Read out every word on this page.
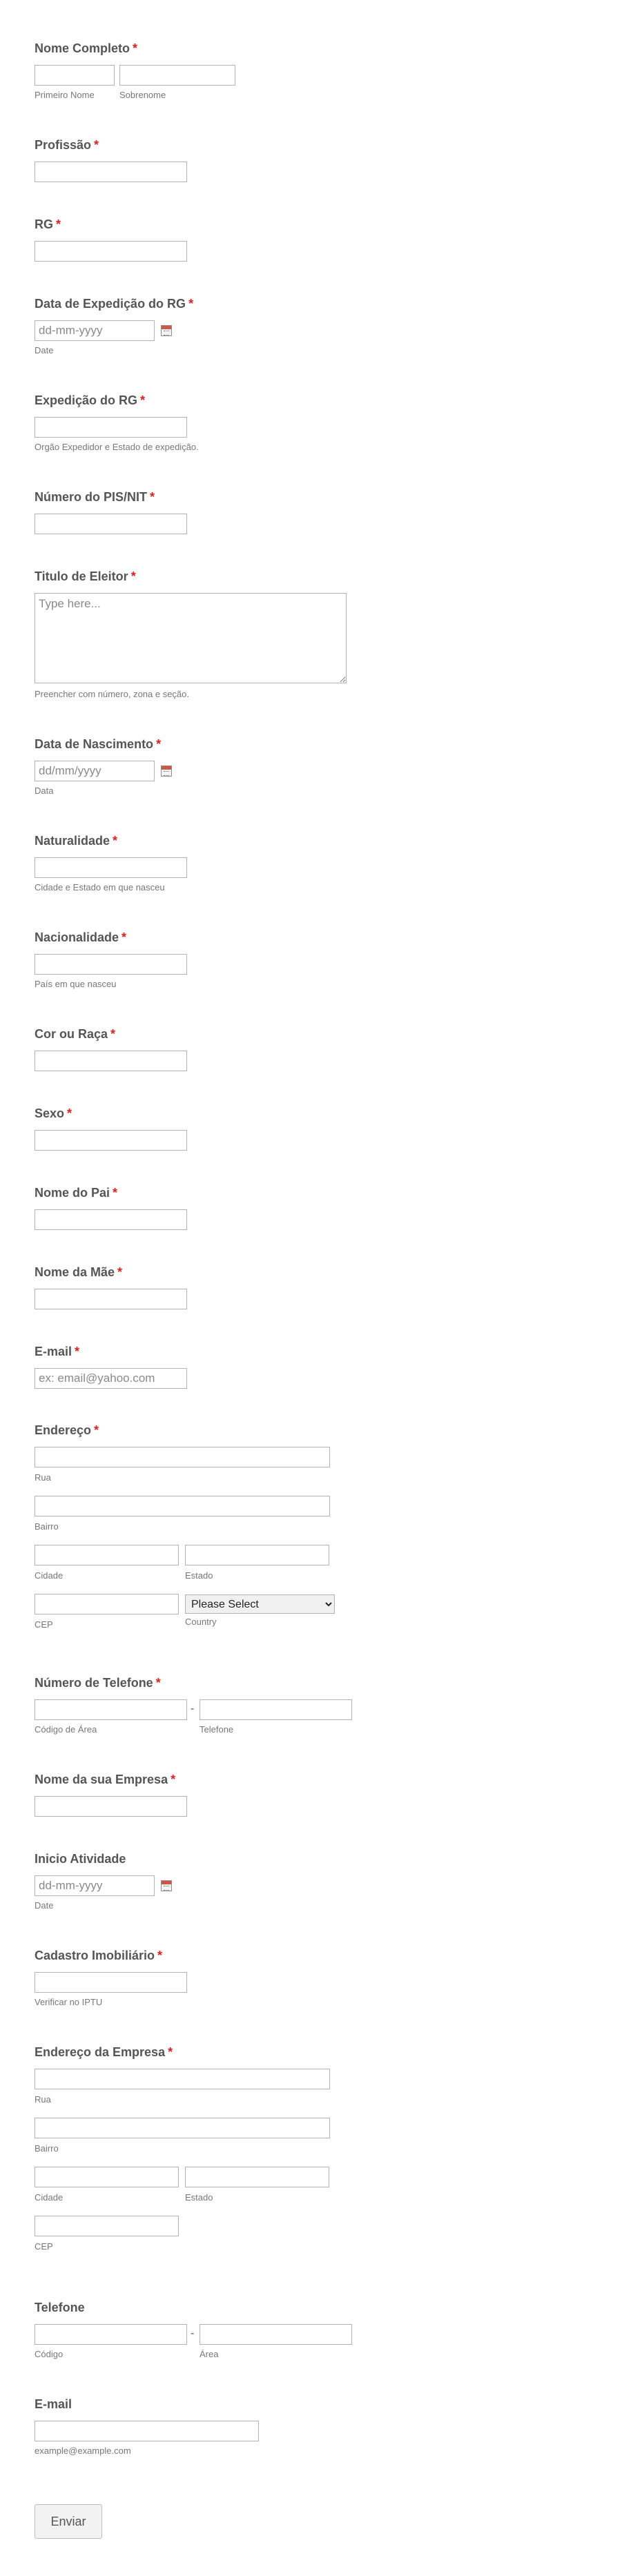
Nome Completo *
Primeiro Nome	Sobrenome
Profissão *
RG *
Data de Expedição do RG *
dd-mm-yyyy
Date
Expedição do RG *
Orgão Expedidor e Estado de expedição.
Número do PIS/NIT *
Titulo de Eleitor *
Type here...
Preencher com número, zona e seção.
Data de Nascimento *
dd/mm/yyyy
Data
Naturalidade *
Cidade e Estado em que nasceu
Nacionalidade *
País em que nasceu
Cor ou Raça *
Sexo *
Nome do Pai *
Nome da Mãe *
E-mail *
ex: email@yahoo.com
Endereço *
Rua
Bairro
Cidade	Estado
Please Select
CEP	Country
Número de Telefone *
-
Código de Área	Telefone
Nome da sua Empresa *
Inicio Atividade
dd-mm-yyyy
Date
Cadastro Imobiliário *
Verificar no IPTU
Endereço da Empresa *
Rua
Bairro
Cidade	Estado
CEP
Telefone
-
Código	Área
E-mail
example@example.com
Enviar
